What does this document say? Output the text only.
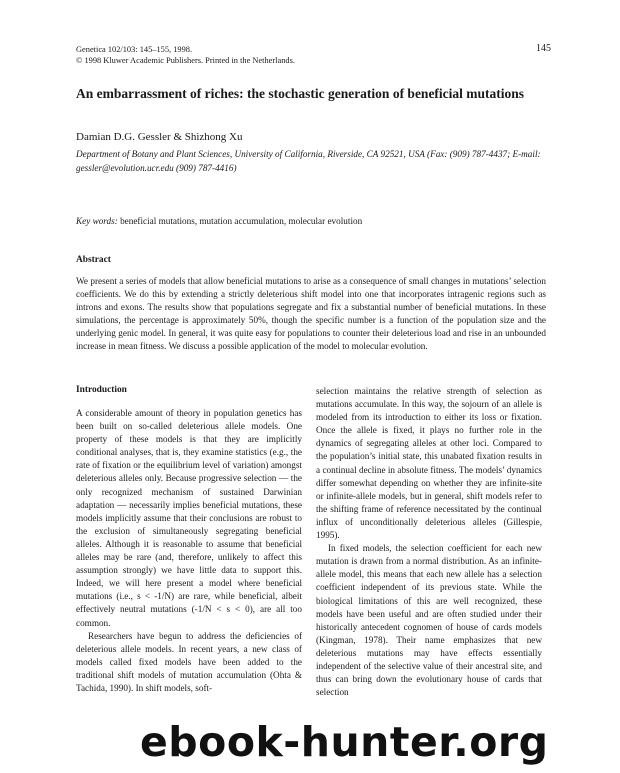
Genetica 102/103: 145–155, 1998.
© 1998 Kluwer Academic Publishers. Printed in the Netherlands.
145
An embarrassment of riches: the stochastic generation of beneficial mutations
Damian D.G. Gessler & Shizhong Xu
Department of Botany and Plant Sciences, University of California, Riverside, CA 92521, USA (Fax: (909) 787-4437; E-mail: gessler@evolution.ucr.edu (909) 787-4416)
Key words: beneficial mutations, mutation accumulation, molecular evolution
Abstract
We present a series of models that allow beneficial mutations to arise as a consequence of small changes in mutations’ selection coefficients. We do this by extending a strictly deleterious shift model into one that incorporates intragenic regions such as introns and exons. The results show that populations segregate and fix a substantial number of beneficial mutations. In these simulations, the percentage is approximately 50%, though the specific number is a function of the population size and the underlying genic model. In general, it was quite easy for populations to counter their deleterious load and rise in an unbounded increase in mean fitness. We discuss a possible application of the model to molecular evolution.
Introduction

A considerable amount of theory in population genetics has been built on so-called deleterious allele models. One property of these models is that they are implicitly conditional analyses, that is, they examine statistics (e.g., the rate of fixation or the equilibrium level of variation) amongst deleterious alleles only. Because progressive selection — the only recognized mechanism of sustained Darwinian adaptation — necessarily implies beneficial mutations, these models implicitly assume that their conclusions are robust to the exclusion of simultaneously segregating beneficial alleles. Although it is reasonable to assume that beneficial alleles may be rare (and, therefore, unlikely to affect this assumption strongly) we have little data to support this. Indeed, we will here present a model where beneficial mutations (i.e., s < -1/N) are rare, while beneficial, albeit effectively neutral mutations (-1/N < s < 0), are all too common.

Researchers have begun to address the deficiencies of deleterious allele models. In recent years, a new class of models called fixed models have been added to the traditional shift models of mutation accumulation (Ohta & Tachida, 1990). In shift models, soft-

selection maintains the relative strength of selection as mutations accumulate. In this way, the sojourn of an allele is modeled from its introduction to either its loss or fixation. Once the allele is fixed, it plays no further role in the dynamics of segregating alleles at other loci. Compared to the population’s initial state, this unabated fixation results in a continual decline in absolute fitness. The models’ dynamics differ somewhat depending on whether they are infinite-site or infinite-allele models, but in general, shift models refer to the shifting frame of reference necessitated by the continual influx of unconditionally deleterious alleles (Gillespie, 1995).

In fixed models, the selection coefficient for each new mutation is drawn from a normal distribution. As an infinite-allele model, this means that each new allele has a selection coefficient independent of its previous state. While the biological limitations of this are well recognized, these models have been useful and are often studied under their historically antecedent cognomen of house of cards models (Kingman, 1978). Their name emphasizes that new deleterious mutations may have effects essentially independent of the selective value of their ancestral site, and thus can bring down the evolutionary house of cards that selection

ebook-hunter.org
